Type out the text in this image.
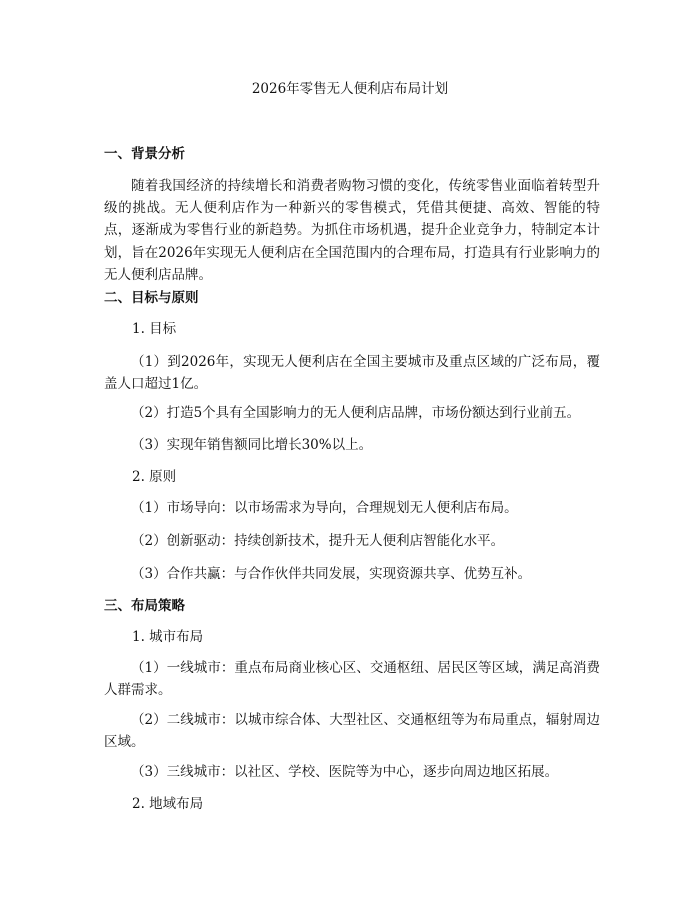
2026年零售无人便利店布局计划
一、背景分析

随着我国经济的持续增长和消费者购物习惯的变化，传统零售业面临着转型升级的挑战。无人便利店作为一种新兴的零售模式，凭借其便捷、高效、智能的特点，逐渐成为零售行业的新趋势。为抓住市场机遇，提升企业竞争力，特制定本计划，旨在2026年实现无人便利店在全国范围内的合理布局，打造具有行业影响力的无人便利店品牌。

二、目标与原则
1. 目标

（1）到2026年，实现无人便利店在全国主要城市及重点区域的广泛布局，覆盖人口超过1亿。

（2）打造5个具有全国影响力的无人便利店品牌，市场份额达到行业前五。

（3）实现年销售额同比增长30%以上。

2. 原则

（1）市场导向：以市场需求为导向，合理规划无人便利店布局。

（2）创新驱动：持续创新技术，提升无人便利店智能化水平。

（3）合作共赢：与合作伙伴共同发展，实现资源共享、优势互补。

三、布局策略
1. 城市布局

（1）一线城市：重点布局商业核心区、交通枢纽、居民区等区域，满足高消费人群需求。

（2）二线城市：以城市综合体、大型社区、交通枢纽等为布局重点，辐射周边区域。

（3）三线城市：以社区、学校、医院等为中心，逐步向周边地区拓展。

2. 地域布局
